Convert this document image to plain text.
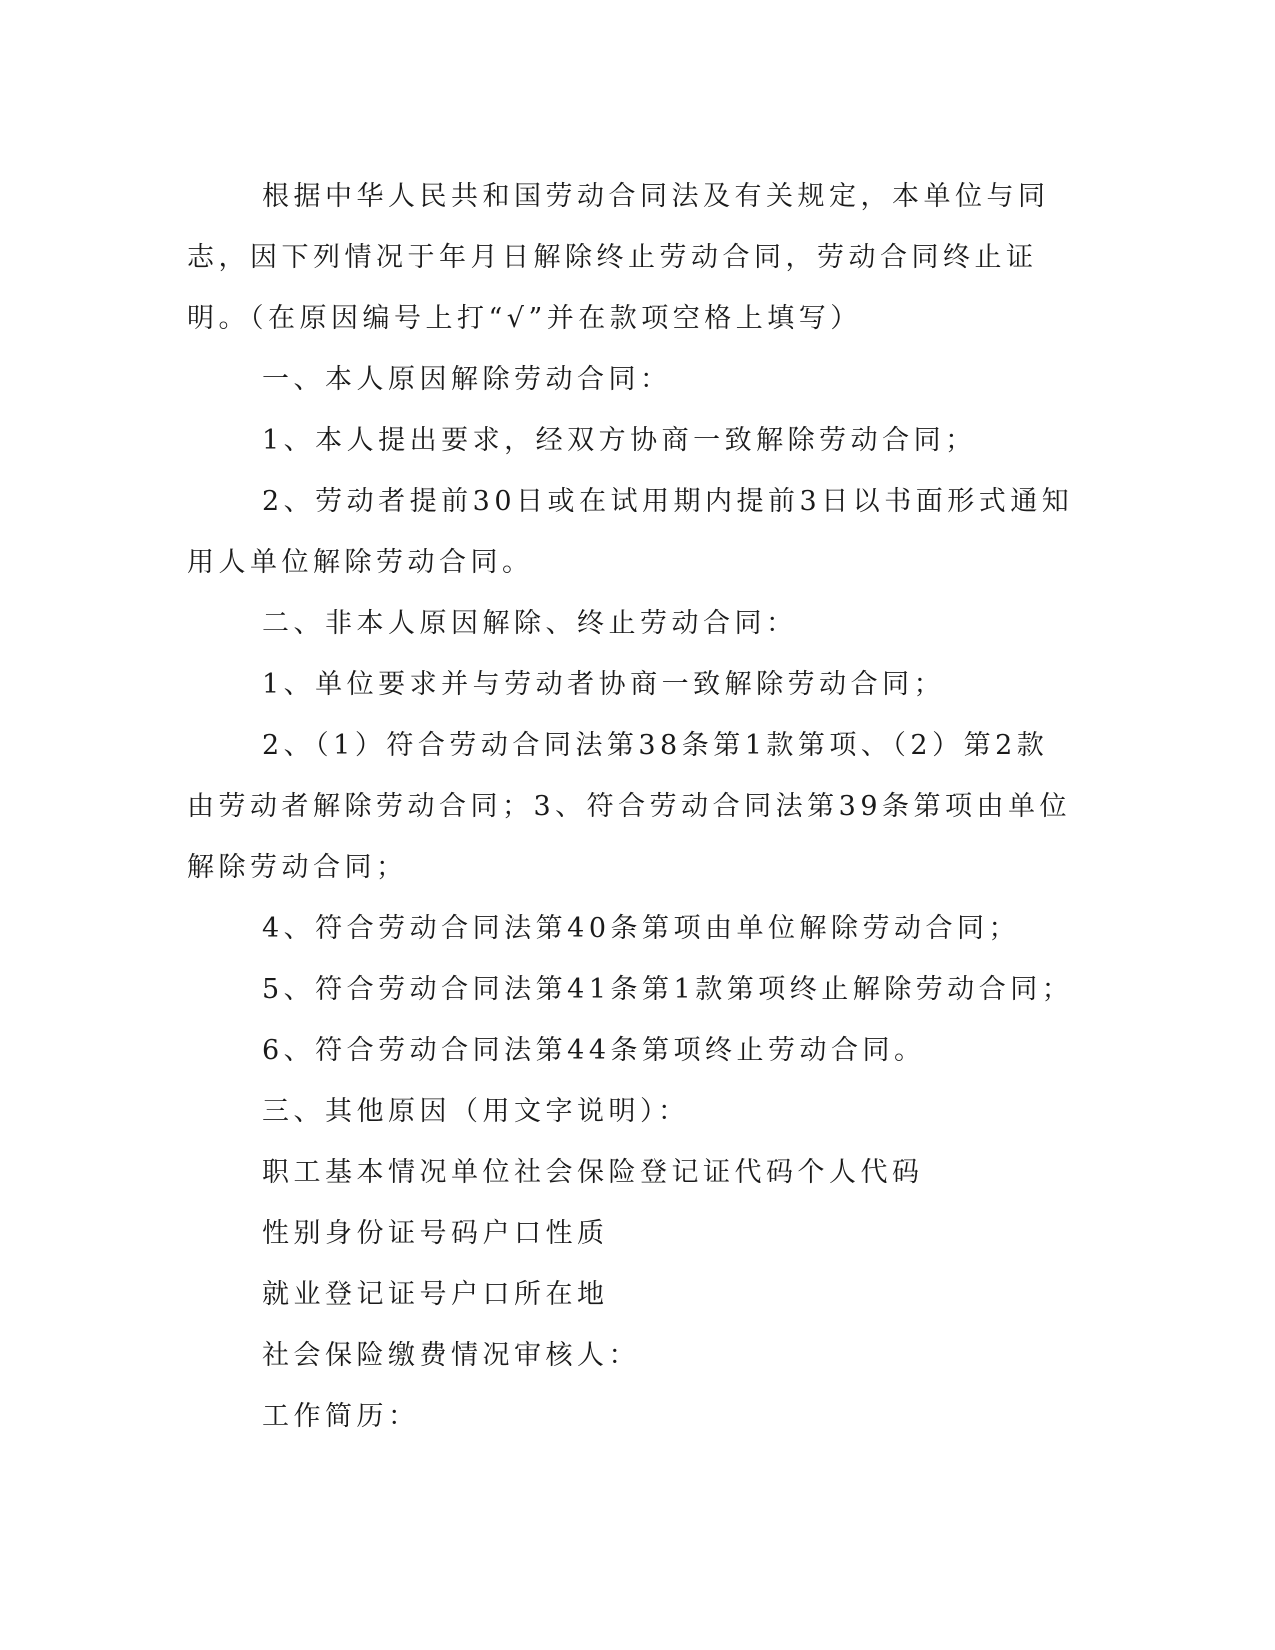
根据中华人民共和国劳动合同法及有关规定，本单位与同志，因下列情况于年月日解除终止劳动合同，劳动合同终止证明。（在原因编号上打“√”并在款项空格上填写）

一、本人原因解除劳动合同：

1、本人提出要求，经双方协商一致解除劳动合同；

2、劳动者提前30日或在试用期内提前3日以书面形式通知用人单位解除劳动合同。

二、非本人原因解除、终止劳动合同：

1、单位要求并与劳动者协商一致解除劳动合同；

2、（1）符合劳动合同法第38条第1款第项、（2）第2款由劳动者解除劳动合同；3、符合劳动合同法第39条第项由单位解除劳动合同；

4、符合劳动合同法第40条第项由单位解除劳动合同；

5、符合劳动合同法第41条第1款第项终止解除劳动合同；

6、符合劳动合同法第44条第项终止劳动合同。

三、其他原因（用文字说明）：

职工基本情况单位社会保险登记证代码个人代码

性别身份证号码户口性质

就业登记证号户口所在地

社会保险缴费情况审核人：

工作简历：
